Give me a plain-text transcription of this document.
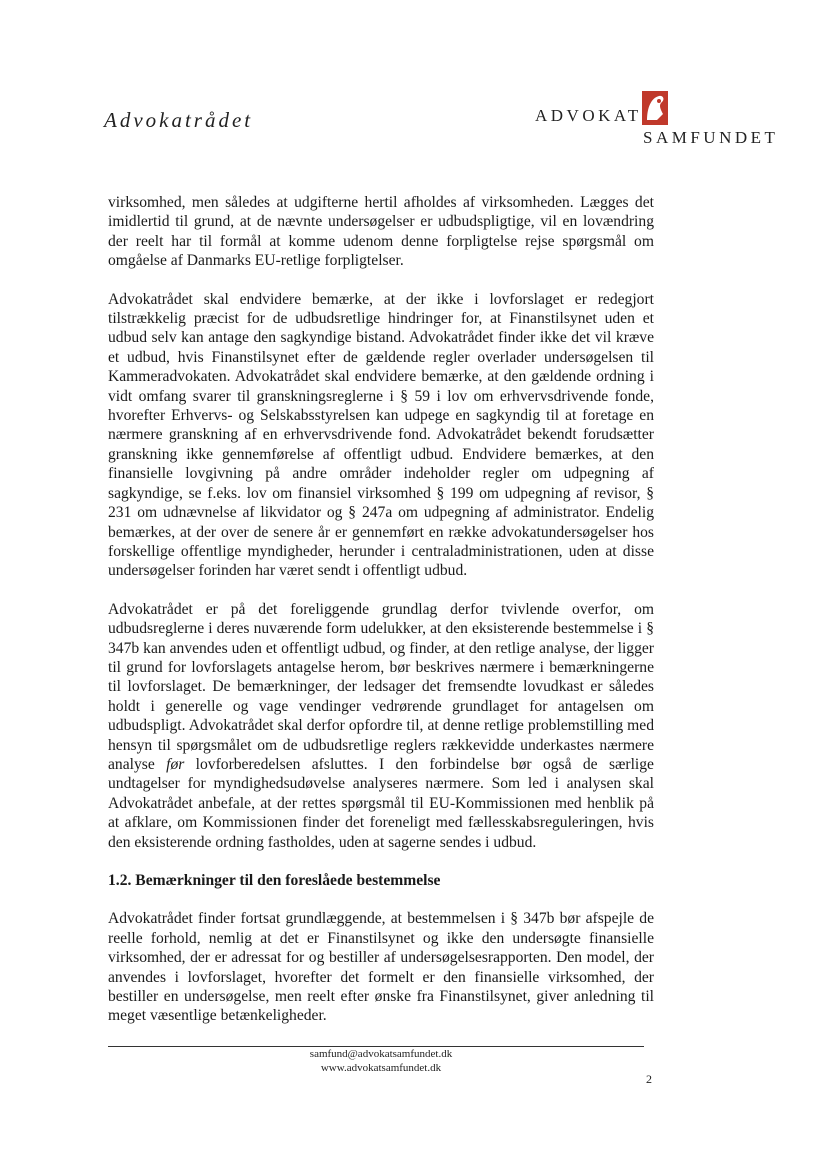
Advokatrådet	ADVOKAT
SAMFUNDET

virksomhed, men således at udgifterne hertil afholdes af virksomheden. Lægges det imidlertid til grund, at de nævnte undersøgelser er udbudspligtige, vil en lovændring der reelt har til formål at komme udenom denne forpligtelse rejse spørgsmål om omgåelse af Danmarks EU-retlige forpligtelser.

Advokatrådet skal endvidere bemærke, at der ikke i lovforslaget er redegjort tilstrækkelig præcist for de udbudsretlige hindringer for, at Finanstilsynet uden et udbud selv kan antage den sagkyndige bistand. Advokatrådet finder ikke det vil kræve et udbud, hvis Finanstilsynet efter de gældende regler overlader undersøgelsen til Kammeradvokaten. Advokatrådet skal endvidere bemærke, at den gældende ordning i vidt omfang svarer til granskningsreglerne i § 59 i lov om erhvervsdrivende fonde, hvorefter Erhvervs- og Selskabsstyrelsen kan udpege en sagkyndig til at foretage en nærmere granskning af en erhvervsdrivende fond. Advokatrådet bekendt forudsætter granskning ikke gennemførelse af offentligt udbud. Endvidere bemærkes, at den finansielle lovgivning på andre områder indeholder regler om udpegning af sagkyndige, se f.eks. lov om finansiel virksomhed § 199 om udpegning af revisor, § 231 om udnævnelse af likvidator og § 247a om udpegning af administrator. Endelig bemærkes, at der over de senere år er gennemført en række advokatundersøgelser hos forskellige offentlige myndigheder, herunder i centraladministrationen, uden at disse undersøgelser forinden har været sendt i offentligt udbud.

Advokatrådet er på det foreliggende grundlag derfor tvivlende overfor, om udbudsreglerne i deres nuværende form udelukker, at den eksisterende bestemmelse i § 347b kan anvendes uden et offentligt udbud, og finder, at den retlige analyse, der ligger til grund for lovforslagets antagelse herom, bør beskrives nærmere i bemærkningerne til lovforslaget. De bemærkninger, der ledsager det fremsendte lovudkast er således holdt i generelle og vage vendinger vedrørende grundlaget for antagelsen om udbudspligt. Advokatrådet skal derfor opfordre til, at denne retlige problemstilling med hensyn til spørgsmålet om de udbudsretlige reglers rækkevidde underkastes nærmere analyse før lovforberedelsen afsluttes. I den forbindelse bør også de særlige undtagelser for myndighedsudøvelse analyseres nærmere. Som led i analysen skal Advokatrådet anbefale, at der rettes spørgsmål til EU-Kommissionen med henblik på at afklare, om Kommissionen finder det foreneligt med fællesskabsreguleringen, hvis den eksisterende ordning fastholdes, uden at sagerne sendes i udbud.

1.2. Bemærkninger til den foreslåede bestemmelse

Advokatrådet finder fortsat grundlæggende, at bestemmelsen i § 347b bør afspejle de reelle forhold, nemlig at det er Finanstilsynet og ikke den undersøgte finansielle virksomhed, der er adressat for og bestiller af undersøgelsesrapporten. Den model, der anvendes i lovforslaget, hvorefter det formelt er den finansielle virksomhed, der bestiller en undersøgelse, men reelt efter ønske fra Finanstilsynet, giver anledning til meget væsentlige betænkeligheder.

samfund@advokatsamfundet.dk
www.advokatsamfundet.dk
2
